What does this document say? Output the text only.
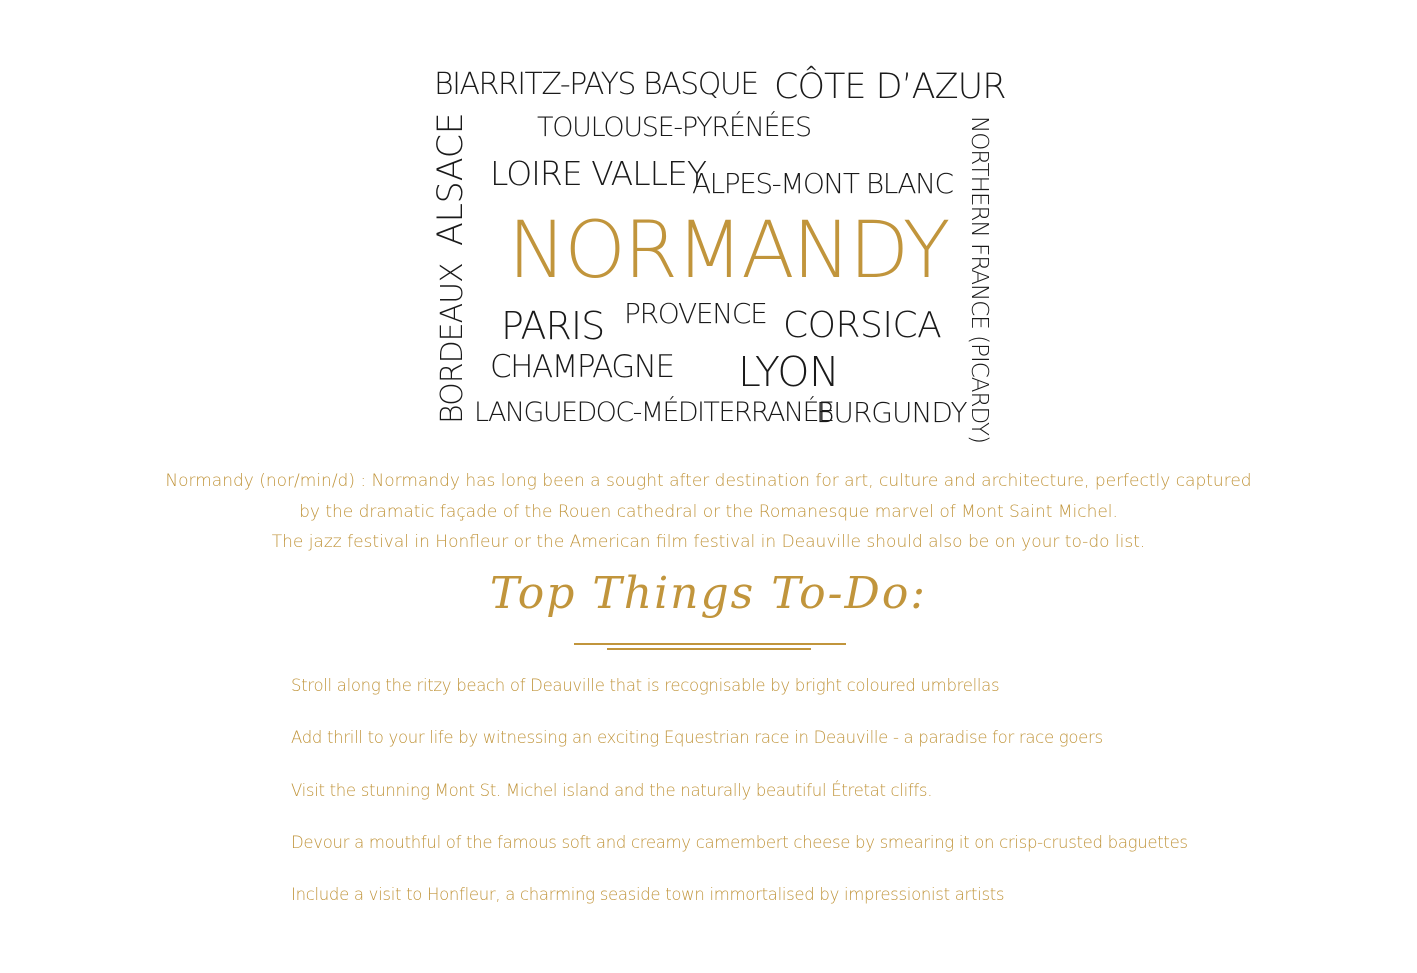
BIARRITZ-PAYS BASQUE CÔTE D’AZUR
TOULOUSE-PYRÉNÉES
LOIRE VALLEY
ALPES-MONT BLANC
NORMANDY
PARIS PROVENCE CORSICA
CHAMPAGNE LYON
LANGUEDOC-MÉDITERRANÉE
BURGUNDY
ALSACE
BORDEAUX	NORTHERN FRANCE (PICARDY)

Normandy (nor/min/d) : Normandy has long been a sought after destination for art, culture and architecture, perfectly captured

by the dramatic façade of the Rouen cathedral or the Romanesque marvel of Mont Saint Michel.

The jazz festival in Honfleur or the American film festival in Deauville should also be on your to-do list.

Top Things To-Do:
Stroll along the ritzy beach of Deauville that is recognisable by bright coloured umbrellas
Add thrill to your life by witnessing an exciting Equestrian race in Deauville - a paradise for race goers
Visit the stunning Mont St. Michel island and the naturally beautiful Étretat cliffs.
Devour a mouthful of the famous soft and creamy camembert cheese by smearing it on crisp-crusted baguettes
Include a visit to Honfleur, a charming seaside town immortalised by impressionist artists
